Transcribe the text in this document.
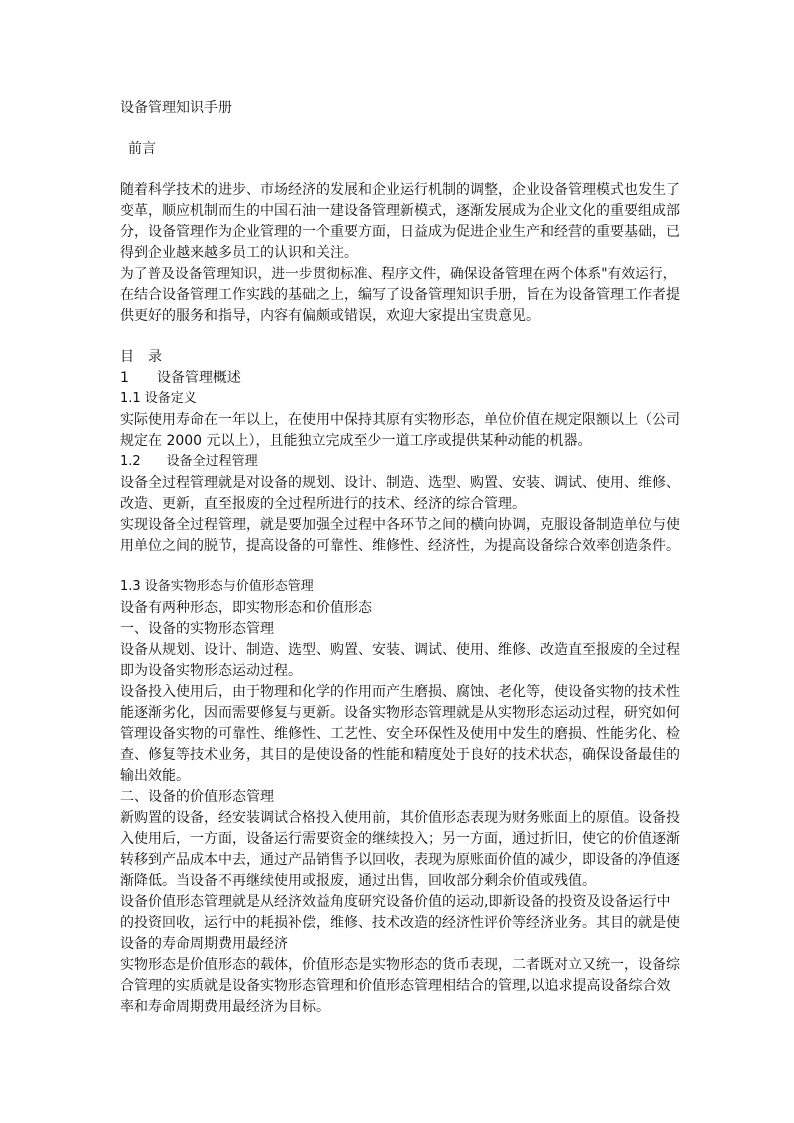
设备管理知识手册
前言
随着科学技术的进步、市场经济的发展和企业运行机制的调整，企业设备管理模式也发生了
变革，顺应机制而生的中国石油一建设备管理新模式，逐渐发展成为企业文化的重要组成部
分，设备管理作为企业管理的一个重要方面，日益成为促进企业生产和经营的重要基础，已
得到企业越来越多员工的认识和关注。
为了普及设备管理知识，进一步贯彻标准、程序文件，确保设备管理在两个体系"有效运行，
在结合设备管理工作实践的基础之上，编写了设备管理知识手册，旨在为设备管理工作者提
供更好的服务和指导，内容有偏颇或错误，欢迎大家提出宝贵意见。
目　录
1　　设备管理概述
1.1 设备定义
实际使用寿命在一年以上，在使用中保持其原有实物形态，单位价值在规定限额以上（公司
规定在 2000 元以上），且能独立完成至少一道工序或提供某种动能的机器。
1.2　　设备全过程管理
设备全过程管理就是对设备的规划、设计、制造、选型、购置、安装、调试、使用、维修、
改造、更新，直至报废的全过程所进行的技术、经济的综合管理。
实现设备全过程管理，就是要加强全过程中各环节之间的横向协调，克服设备制造单位与使
用单位之间的脱节，提高设备的可靠性、维修性、经济性，为提高设备综合效率创造条件。
1.3 设备实物形态与价值形态管理
设备有两种形态，即实物形态和价值形态
一、设备的实物形态管理
设备从规划、设计、制造、选型、购置、安装、调试、使用、维修、改造直至报废的全过程
即为设备实物形态运动过程。
设备投入使用后，由于物理和化学的作用而产生磨损、腐蚀、老化等，使设备实物的技术性
能逐渐劣化，因而需要修复与更新。设备实物形态管理就是从实物形态运动过程，研究如何
管理设备实物的可靠性、维修性、工艺性、安全环保性及使用中发生的磨损、性能劣化、检
查、修复等技术业务，其目的是使设备的性能和精度处于良好的技术状态，确保设备最佳的
输出效能。
二、设备的价值形态管理
新购置的设备，经安装调试合格投入使用前，其价值形态表现为财务账面上的原值。设备投
入使用后，一方面，设备运行需要资金的继续投入；另一方面，通过折旧，使它的价值逐渐
转移到产品成本中去，通过产品销售予以回收，表现为原账面价值的减少，即设备的净值逐
渐降低。当设备不再继续使用或报废，通过出售，回收部分剩余价值或残值。
设备价值形态管理就是从经济效益角度研究设备价值的运动,即新设备的投资及设备运行中
的投资回收，运行中的耗损补偿，维修、技术改造的经济性评价等经济业务。其目的就是使
设备的寿命周期费用最经济
实物形态是价值形态的载体，价值形态是实物形态的货币表现，二者既对立又统一，设备综
合管理的实质就是设备实物形态管理和价值形态管理相结合的管理,以追求提高设备综合效
率和寿命周期费用最经济为目标。
